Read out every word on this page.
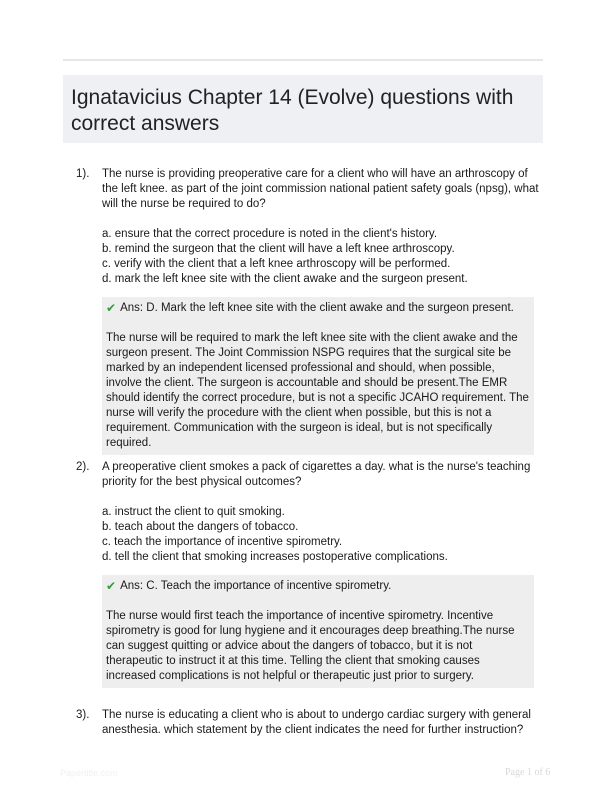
Ignatavicius Chapter 14 (Evolve) questions with correct answers
1). The nurse is providing preoperative care for a client who will have an arthroscopy of the left knee. as part of the joint commission national patient safety goals (npsg), what will the nurse be required to do?
a. ensure that the correct procedure is noted in the client's history.
b. remind the surgeon that the client will have a left knee arthroscopy.
c. verify with the client that a left knee arthroscopy will be performed.
d. mark the left knee site with the client awake and the surgeon present.
✔ Ans: D. Mark the left knee site with the client awake and the surgeon present.
The nurse will be required to mark the left knee site with the client awake and the surgeon present. The Joint Commission NSPG requires that the surgical site be marked by an independent licensed professional and should, when possible, involve the client. The surgeon is accountable and should be present.The EMR should identify the correct procedure, but is not a specific JCAHO requirement. The nurse will verify the procedure with the client when possible, but this is not a requirement. Communication with the surgeon is ideal, but is not specifically required.
2). A preoperative client smokes a pack of cigarettes a day. what is the nurse's teaching priority for the best physical outcomes?
a. instruct the client to quit smoking.
b. teach about the dangers of tobacco.
c. teach the importance of incentive spirometry.
d. tell the client that smoking increases postoperative complications.
✔ Ans: C. Teach the importance of incentive spirometry.
The nurse would first teach the importance of incentive spirometry. Incentive spirometry is good for lung hygiene and it encourages deep breathing.The nurse can suggest quitting or advice about the dangers of tobacco, but it is not therapeutic to instruct it at this time. Telling the client that smoking causes increased complications is not helpful or therapeutic just prior to surgery.
3). The nurse is educating a client who is about to undergo cardiac surgery with general anesthesia. which statement by the client indicates the need for further instruction?
Papertitle.com	Page 1 of 6
